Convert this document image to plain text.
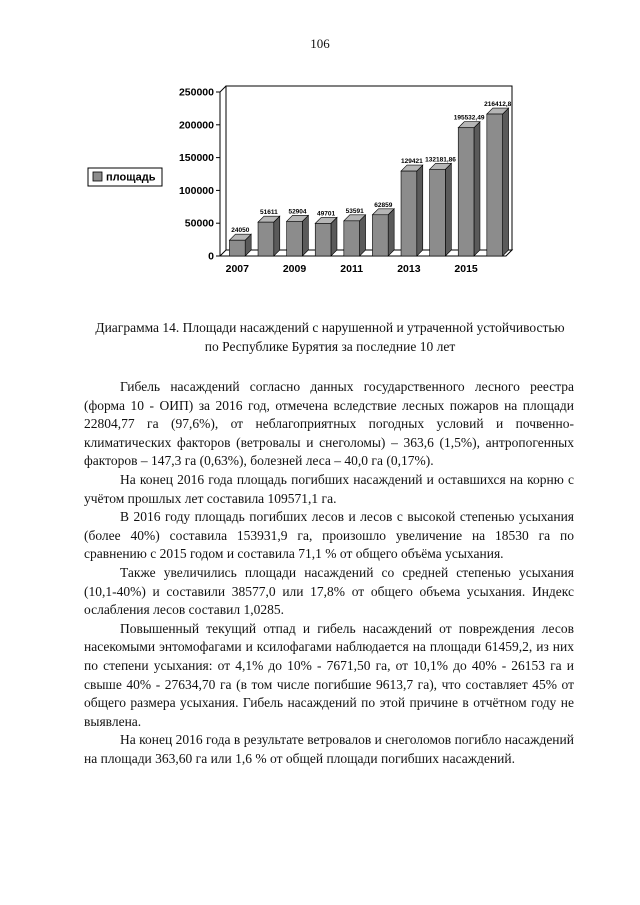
106
0
50000
100000
150000
200000
250000
24050
51611 52904 49701 53591
62859
129421 132181,86
195532,49
216412,8
2007	2009	2011	2013	2015
площадь
Диаграмма 14. Площади насаждений с нарушенной и утраченной устойчивостью по Республике Бурятия за последние 10 лет

Гибель насаждений согласно данных государственного лесного реестра (форма 10 - ОИП) за 2016 год, отмечена вследствие лесных пожаров на площади 22804,77 га (97,6%), от неблагоприятных погодных условий и почвенно-климатических факторов (ветровалы и снеголомы) – 363,6 (1,5%), антропогенных факторов – 147,3 га (0,63%), болезней леса – 40,0 га (0,17%).

На конец 2016 года площадь погибших насаждений и оставшихся на корню с учётом прошлых лет составила 109571,1 га.

В 2016 году площадь погибших лесов и лесов с высокой степенью усыхания (более 40%) составила 153931,9 га, произошло увеличение на 18530 га по сравнению с 2015 годом и составила 71,1 % от общего объёма усыхания.

Также увеличились площади насаждений со средней степенью усыхания (10,1-40%) и составили 38577,0 или 17,8% от общего объема усыхания. Индекс ослабления лесов составил 1,0285.

Повышенный текущий отпад и гибель насаждений от повреждения лесов насекомыми энтомофагами и ксилофагами наблюдается на площади 61459,2, из них по степени усыхания: от 4,1% до 10% - 7671,50 га, от 10,1% до 40% - 26153 га и свыше 40% - 27634,70 га (в том числе погибшие 9613,7 га), что составляет 45% от общего размера усыхания. Гибель насаждений по этой причине в отчётном году не выявлена.

На конец 2016 года в результате ветровалов и снеголомов погибло насаждений на площади 363,60 га или 1,6 % от общей площади погибших насаждений.
